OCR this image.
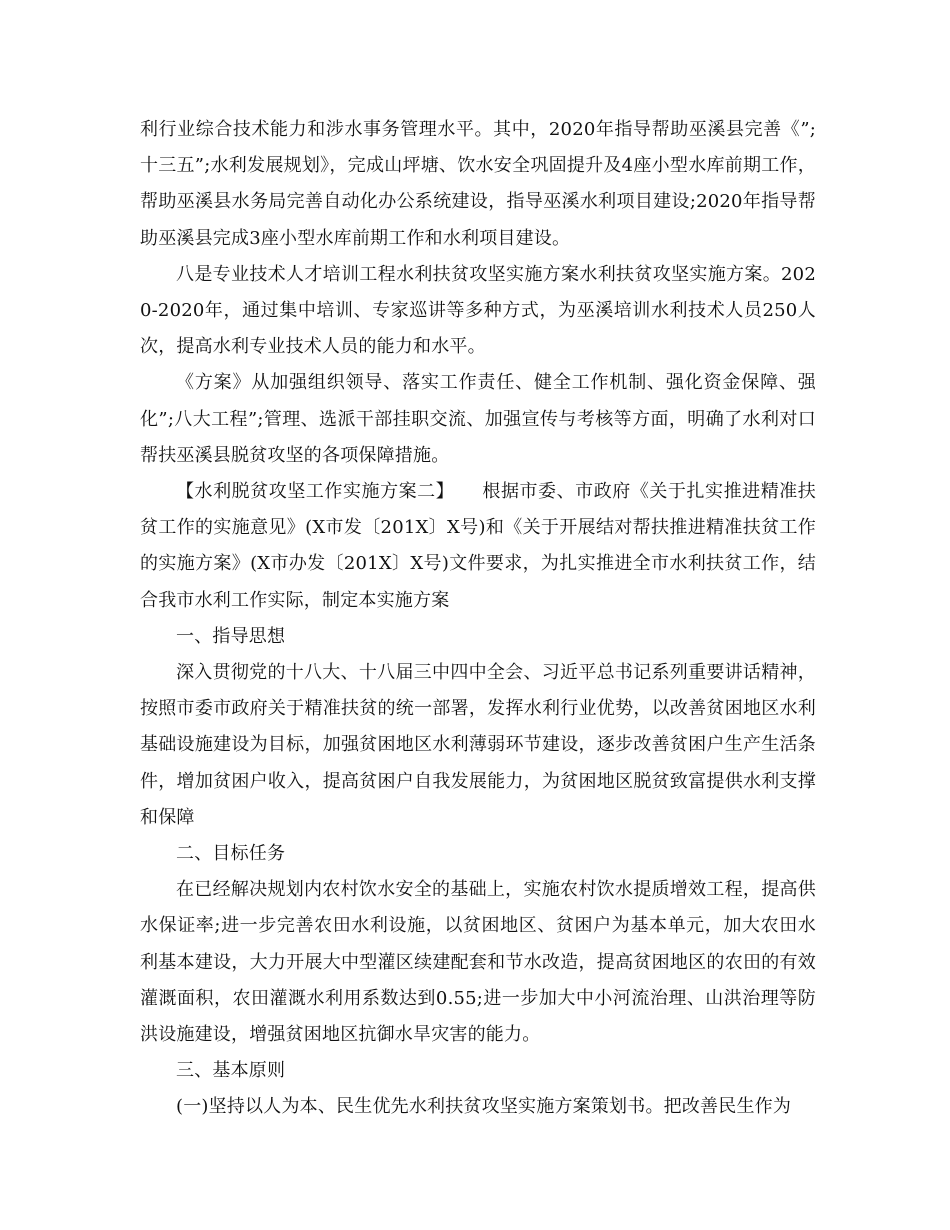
利行业综合技术能力和涉水事务管理水平。其中，2020年指导帮助巫溪县完善《”;十三五”;水利发展规划》，完成山坪塘、饮水安全巩固提升及4座小型水库前期工作，帮助巫溪县水务局完善自动化办公系统建设，指导巫溪水利项目建设;2020年指导帮助巫溪县完成3座小型水库前期工作和水利项目建设。

八是专业技术人才培训工程水利扶贫攻坚实施方案水利扶贫攻坚实施方案。2020-2020年，通过集中培训、专家巡讲等多种方式，为巫溪培训水利技术人员250人次，提高水利专业技术人员的能力和水平。

《方案》从加强组织领导、落实工作责任、健全工作机制、强化资金保障、强化”;八大工程”;管理、选派干部挂职交流、加强宣传与考核等方面，明确了水利对口帮扶巫溪县脱贫攻坚的各项保障措施。

【水利脱贫攻坚工作实施方案二】　　根据市委、市政府《关于扎实推进精准扶贫工作的实施意见》(X市发〔201X〕X号)和《关于开展结对帮扶推进精准扶贫工作的实施方案》(X市办发〔201X〕X号)文件要求，为扎实推进全市水利扶贫工作，结合我市水利工作实际，制定本实施方案

一、指导思想

深入贯彻党的十八大、十八届三中四中全会、习近平总书记系列重要讲话精神，按照市委市政府关于精准扶贫的统一部署，发挥水利行业优势，以改善贫困地区水利基础设施建设为目标，加强贫困地区水利薄弱环节建设，逐步改善贫困户生产生活条件，增加贫困户收入，提高贫困户自我发展能力，为贫困地区脱贫致富提供水利支撑和保障

二、目标任务

在已经解决规划内农村饮水安全的基础上，实施农村饮水提质增效工程，提高供水保证率;进一步完善农田水利设施，以贫困地区、贫困户为基本单元，加大农田水利基本建设，大力开展大中型灌区续建配套和节水改造，提高贫困地区的农田的有效灌溉面积，农田灌溉水利用系数达到0.55;进一步加大中小河流治理、山洪治理等防洪设施建设，增强贫困地区抗御水旱灾害的能力。

三、基本原则

(一)坚持以人为本、民生优先水利扶贫攻坚实施方案策划书。把改善民生作为
